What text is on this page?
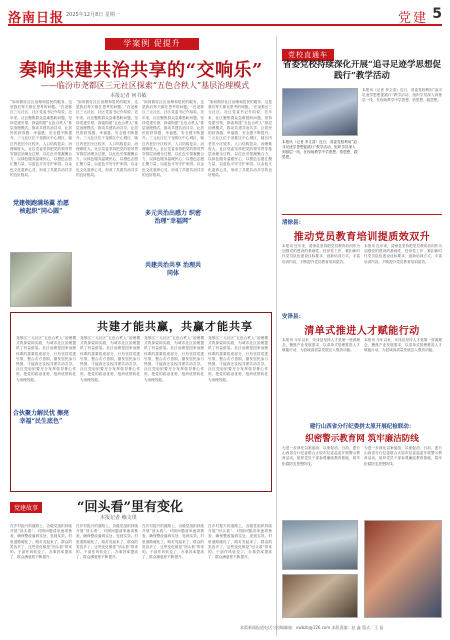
洛南日报 2025年12月8日 星期一	党建 5
学案例 促提升
奏响共建共治共享的“交响乐”
——临汾市尧都区三元社区探索“五色合秩人”基层治理模式
本报记者 何书敏
“如何做好社区治理和居民的服务，这是我们每天都在思考的问题。”在尧都区三元社区，社区党委书记介绍说，近年来，社区聚焦群众急难愁盼问题，坚持党建引领，探索构建“五色合秩人”基层治理模式，推动共建共治共享，让居民的获得感、幸福感、安全感不断提升。三元社区位于尧都区中心城区，辖区内老旧小区较多，人口结构复杂，治理难度大。社区党委坚持把党的领导贯穿基层治理全过程，以红色引领凝聚合力，以绿色服务温暖民心，以橙色志愿汇聚力量，以蓝色平安守护家园，以金色文化滋养心灵，形成了共建共治共享的良好格局。
党建领跑满场翼 治愿核起织“同心圆”
“如何做好社区治理和居民的服务，这是我们每天都在思考的问题。”在尧都区三元社区，社区党委书记介绍说，近年来，社区聚焦群众急难愁盼问题，坚持党建引领，探索构建“五色合秩人”基层治理模式，推动共建共治共享，让居民的获得感、幸福感、安全感不断提升。三元社区位于尧都区中心城区，辖区内老旧小区较多，人口结构复杂，治理难度大。社区党委坚持把党的领导贯穿基层治理全过程，以红色引领凝聚合力，以绿色服务温暖民心，以橙色志愿汇聚力量，以蓝色平安守护家园，以金色文化滋养心灵，形成了共建共治共享的良好格局。
“如何做好社区治理和居民的服务，这是我们每天都在思考的问题。”在尧都区三元社区，社区党委书记介绍说，近年来，社区聚焦群众急难愁盼问题，坚持党建引领，探索构建“五色合秩人”基层治理模式，推动共建共治共享，让居民的获得感、幸福感、安全感不断提升。三元社区位于尧都区中心城区，辖区内老旧小区较多，人口结构复杂，治理难度大。社区党委坚持把党的领导贯穿基层治理全过程，以红色引领凝聚合力，以绿色服务温暖民心，以橙色志愿汇聚力量，以蓝色平安守护家园，以金色文化滋养心灵，形成了共建共治共享的良好格局。
多元共治出感力 织密治理“幸福网”
“如何做好社区治理和居民的服务，这是我们每天都在思考的问题。”在尧都区三元社区，社区党委书记介绍说，近年来，社区聚焦群众急难愁盼问题，坚持党建引领，探索构建“五色合秩人”基层治理模式，推动共建共治共享，让居民的获得感、幸福感、安全感不断提升。三元社区位于尧都区中心城区，辖区内老旧小区较多，人口结构复杂，治理难度大。社区党委坚持把党的领导贯穿基层治理全过程，以红色引领凝聚合力，以绿色服务温暖民心，以橙色志愿汇聚力量，以蓝色平安守护家园，以金色文化滋养心灵，形成了共建共治共享的良好格局。
党校直通车
省委党校持续深化开展“追寻足迹学思想促践行”教学活动
本报讯（记者 李文清）近日，省委党校利用“追寻足迹学思想促践行”教学活动，组织学员深入到基层一线，在现场教学中学思想、悟思想、践思想。
本报讯（记者 李文清）近日，省委党校利用“追寻足迹学思想促践行”教学活动，组织学员深入到基层一线，在现场教学中学思想、悟思想、践思想。
清徐县：
推动党员教育培训提质效双升
本报讯 近年来，清徐县坚持把党员教育培训作为加强党的建设的基础性、经常性工作，紧扣新时代党员队伍建设目标要求，创新培训方式，丰富培训内容，不断提升党员教育培训质效。
本报讯 近年来，清徐县坚持把党员教育培训作为加强党的建设的基础性、经常性工作，紧扣新时代党员队伍建设目标要求，创新培训方式，丰富培训内容，不断提升党员教育培训质效。
安泽县：
清单式推进人才赋能行动
本报讯 今年以来，安泽县坚持人才是第一资源理念，聚焦产业发展需求，以清单式管理推进人才赋能行动，为县域高质量发展注入强劲动能。
本报讯 今年以来，安泽县坚持人才是第一资源理念，聚焦产业发展需求，以清单式管理推进人才赋能行动，为县域高质量发展注入强劲动能。
建行山西省分行纪委拼太原开展纪检联动：
织密警示教育网 筑牢廉洁防线
为进一步深化以案促改、以案促治，日前，建行山西省分行纪委联合太原市纪委监委开展警示教育活动，组织党员干部参观廉政教育基地，筑牢拒腐防变思想防线。
为进一步深化以案促改、以案促治，日前，建行山西省分行纪委联合太原市纪委监委开展警示教育活动，组织党员干部参观廉政教育基地，筑牢拒腐防变思想防线。
共建才能共赢，共赢才能共享
尧都区三元社区“五色合秩人”治理模式的探索和实践，为城市社区治理提供了有益借鉴。社区治理是国家治理体系的重要组成部分，只有坚持党建引领，整合各方资源，激发居民参与热情，才能真正实现共建共治共享。社区党组织要充分发挥领导核心作用，把党的政治优势、组织优势转化为治理效能。
尧都区三元社区“五色合秩人”治理模式的探索和实践，为城市社区治理提供了有益借鉴。社区治理是国家治理体系的重要组成部分，只有坚持党建引领，整合各方资源，激发居民参与热情，才能真正实现共建共治共享。社区党组织要充分发挥领导核心作用，把党的政治优势、组织优势转化为治理效能。
尧都区三元社区“五色合秩人”治理模式的探索和实践，为城市社区治理提供了有益借鉴。社区治理是国家治理体系的重要组成部分，只有坚持党建引领，整合各方资源，激发居民参与热情，才能真正实现共建共治共享。社区党组织要充分发挥领导核心作用，把党的政治优势、组织优势转化为治理效能。
尧都区三元社区“五色合秩人”治理模式的探索和实践，为城市社区治理提供了有益借鉴。社区治理是国家治理体系的重要组成部分，只有坚持党建引领，整合各方资源，激发居民参与热情，才能真正实现共建共治共享。社区党组织要充分发挥领导核心作用，把党的政治优势、组织优势转化为治理效能。
合伙聚力解民忧 擦亮幸福“民生底色”
共建共治共享 治理共同体
党建故事	“回头看”里有变化
本报记者 赖文琪
在乡村振兴的道路上，各级党组织持续开展“回头看”，对照问题清单逐项核查，确保整改落到实处、见到实效。村里道路硬化了，路灯亮起来了，群众的笑容多了，这些变化都是“回头看”带来的。干部作风转变了，办事效率提高了，群众满意度不断提升。
在乡村振兴的道路上，各级党组织持续开展“回头看”，对照问题清单逐项核查，确保整改落到实处、见到实效。村里道路硬化了，路灯亮起来了，群众的笑容多了，这些变化都是“回头看”带来的。干部作风转变了，办事效率提高了，群众满意度不断提升。
在乡村振兴的道路上，各级党组织持续开展“回头看”，对照问题清单逐项核查，确保整改落到实处、见到实效。村里道路硬化了，路灯亮起来了，群众的笑容多了，这些变化都是“回头看”带来的。干部作风转变了，办事效率提高了，群众满意度不断提升。
在乡村振兴的道路上，各级党组织持续开展“回头看”，对照问题清单逐项核查，确保整改落到实处、见到实效。村里道路硬化了，路灯亮起来了，群众的笑容多了，这些变化都是“回头看”带来的。干部作风转变了，办事效率提高了，群众满意度不断提升。
本版新闻报道电话与投稿邮箱：xwbzb@126.com 本版责编：赵 鑫 版式：王 磊
